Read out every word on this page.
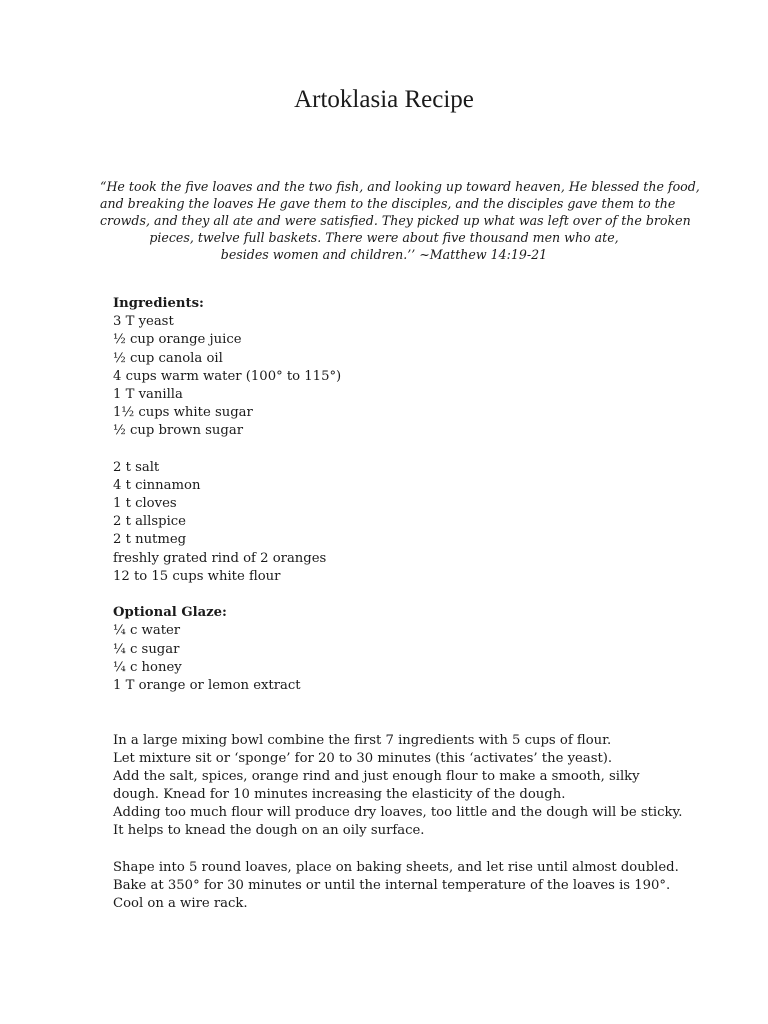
Artoklasia Recipe
“He took the five loaves and the two fish, and looking up toward heaven, He blessed the food,
and breaking the loaves He gave them to the disciples, and the disciples gave them to the
crowds, and they all ate and were satisfied. They picked up what was left over of the broken
pieces, twelve full baskets. There were about five thousand men who ate,
besides women and children.’’ ~Matthew 14:19-21
Ingredients:
3 T yeast
½ cup orange juice
½ cup canola oil
4 cups warm water (100° to 115°)
1 T vanilla
1½ cups white sugar
½ cup brown sugar
2 t salt
4 t cinnamon
1 t cloves
2 t allspice
2 t nutmeg
freshly grated rind of 2 oranges
12 to 15 cups white flour
Optional Glaze:
¼ c water
¼ c sugar
¼ c honey
1 T orange or lemon extract
In a large mixing bowl combine the first 7 ingredients with 5 cups of flour.
Let mixture sit or ‘sponge’ for 20 to 30 minutes (this ‘activates’ the yeast).
Add the salt, spices, orange rind and just enough flour to make a smooth, silky
dough. Knead for 10 minutes increasing the elasticity of the dough.
Adding too much flour will produce dry loaves, too little and the dough will be sticky.
It helps to knead the dough on an oily surface.
Shape into 5 round loaves, place on baking sheets, and let rise until almost doubled.
Bake at 350° for 30 minutes or until the internal temperature of the loaves is 190°.
Cool on a wire rack.
